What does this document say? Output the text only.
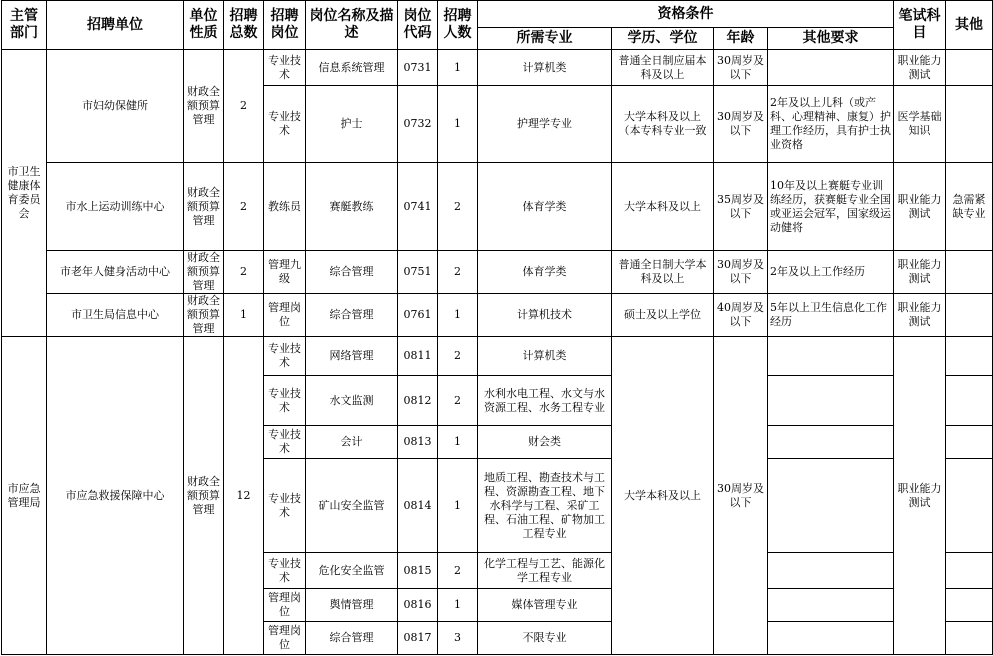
主管部门	招聘单位	单位性质	招聘总数	招聘岗位	岗位名称及描述	岗位代码	招聘人数	资格条件				笔试科目	其他
								所需专业	学历、学位	年龄	其他要求		
市卫生健康体育委员会	市妇幼保健所	财政全额预算管理	2	专业技术	信息系统管理	0731	1	计算机类	普通全日制应届本科及以上	30周岁及以下		职业能力测试	
				专业技术	护士	0732	1	护理学专业	大学本科及以上（本专科专业一致	30周岁及以下	2年及以上儿科（或产科、心理精神、康复）护理工作经历，具有护士执业资格	医学基础知识	
	市水上运动训练中心	财政全额预算管理	2	教练员	赛艇教练	0741	2	体育学类	大学本科及以上	35周岁及以下	10年及以上赛艇专业训练经历，获赛艇专业全国或亚运会冠军，国家级运动健将	职业能力测试	急需紧缺专业
	市老年人健身活动中心	财政全额预算管理	2	管理九级	综合管理	0751	2	体育学类	普通全日制大学本科及以上	30周岁及以下	2年及以上工作经历	职业能力测试	
	市卫生局信息中心	财政全额预算管理	1	管理岗位	综合管理	0761	1	计算机技术	硕士及以上学位	40周岁及以下	5年以上卫生信息化工作经历	职业能力测试	
市应急管理局	市应急救援保障中心	财政全额预算管理	12	专业技术	网络管理	0811	2	计算机类	大学本科及以上	30周岁及以下		职业能力测试	
				专业技术	水文监测	0812	2	水利水电工程、水文与水资源工程、水务工程专业					
				专业技术	会计	0813	1	财会类					
				专业技术	矿山安全监管	0814	1	地质工程、勘查技术与工程、资源勘查工程、地下水科学与工程、采矿工程、石油工程、矿物加工工程专业					
				专业技术	危化安全监管	0815	2	化学工程与工艺、能源化学工程专业					
				管理岗位	舆情管理	0816	1	媒体管理专业					
				管理岗位	综合管理	0817	3	不限专业					
